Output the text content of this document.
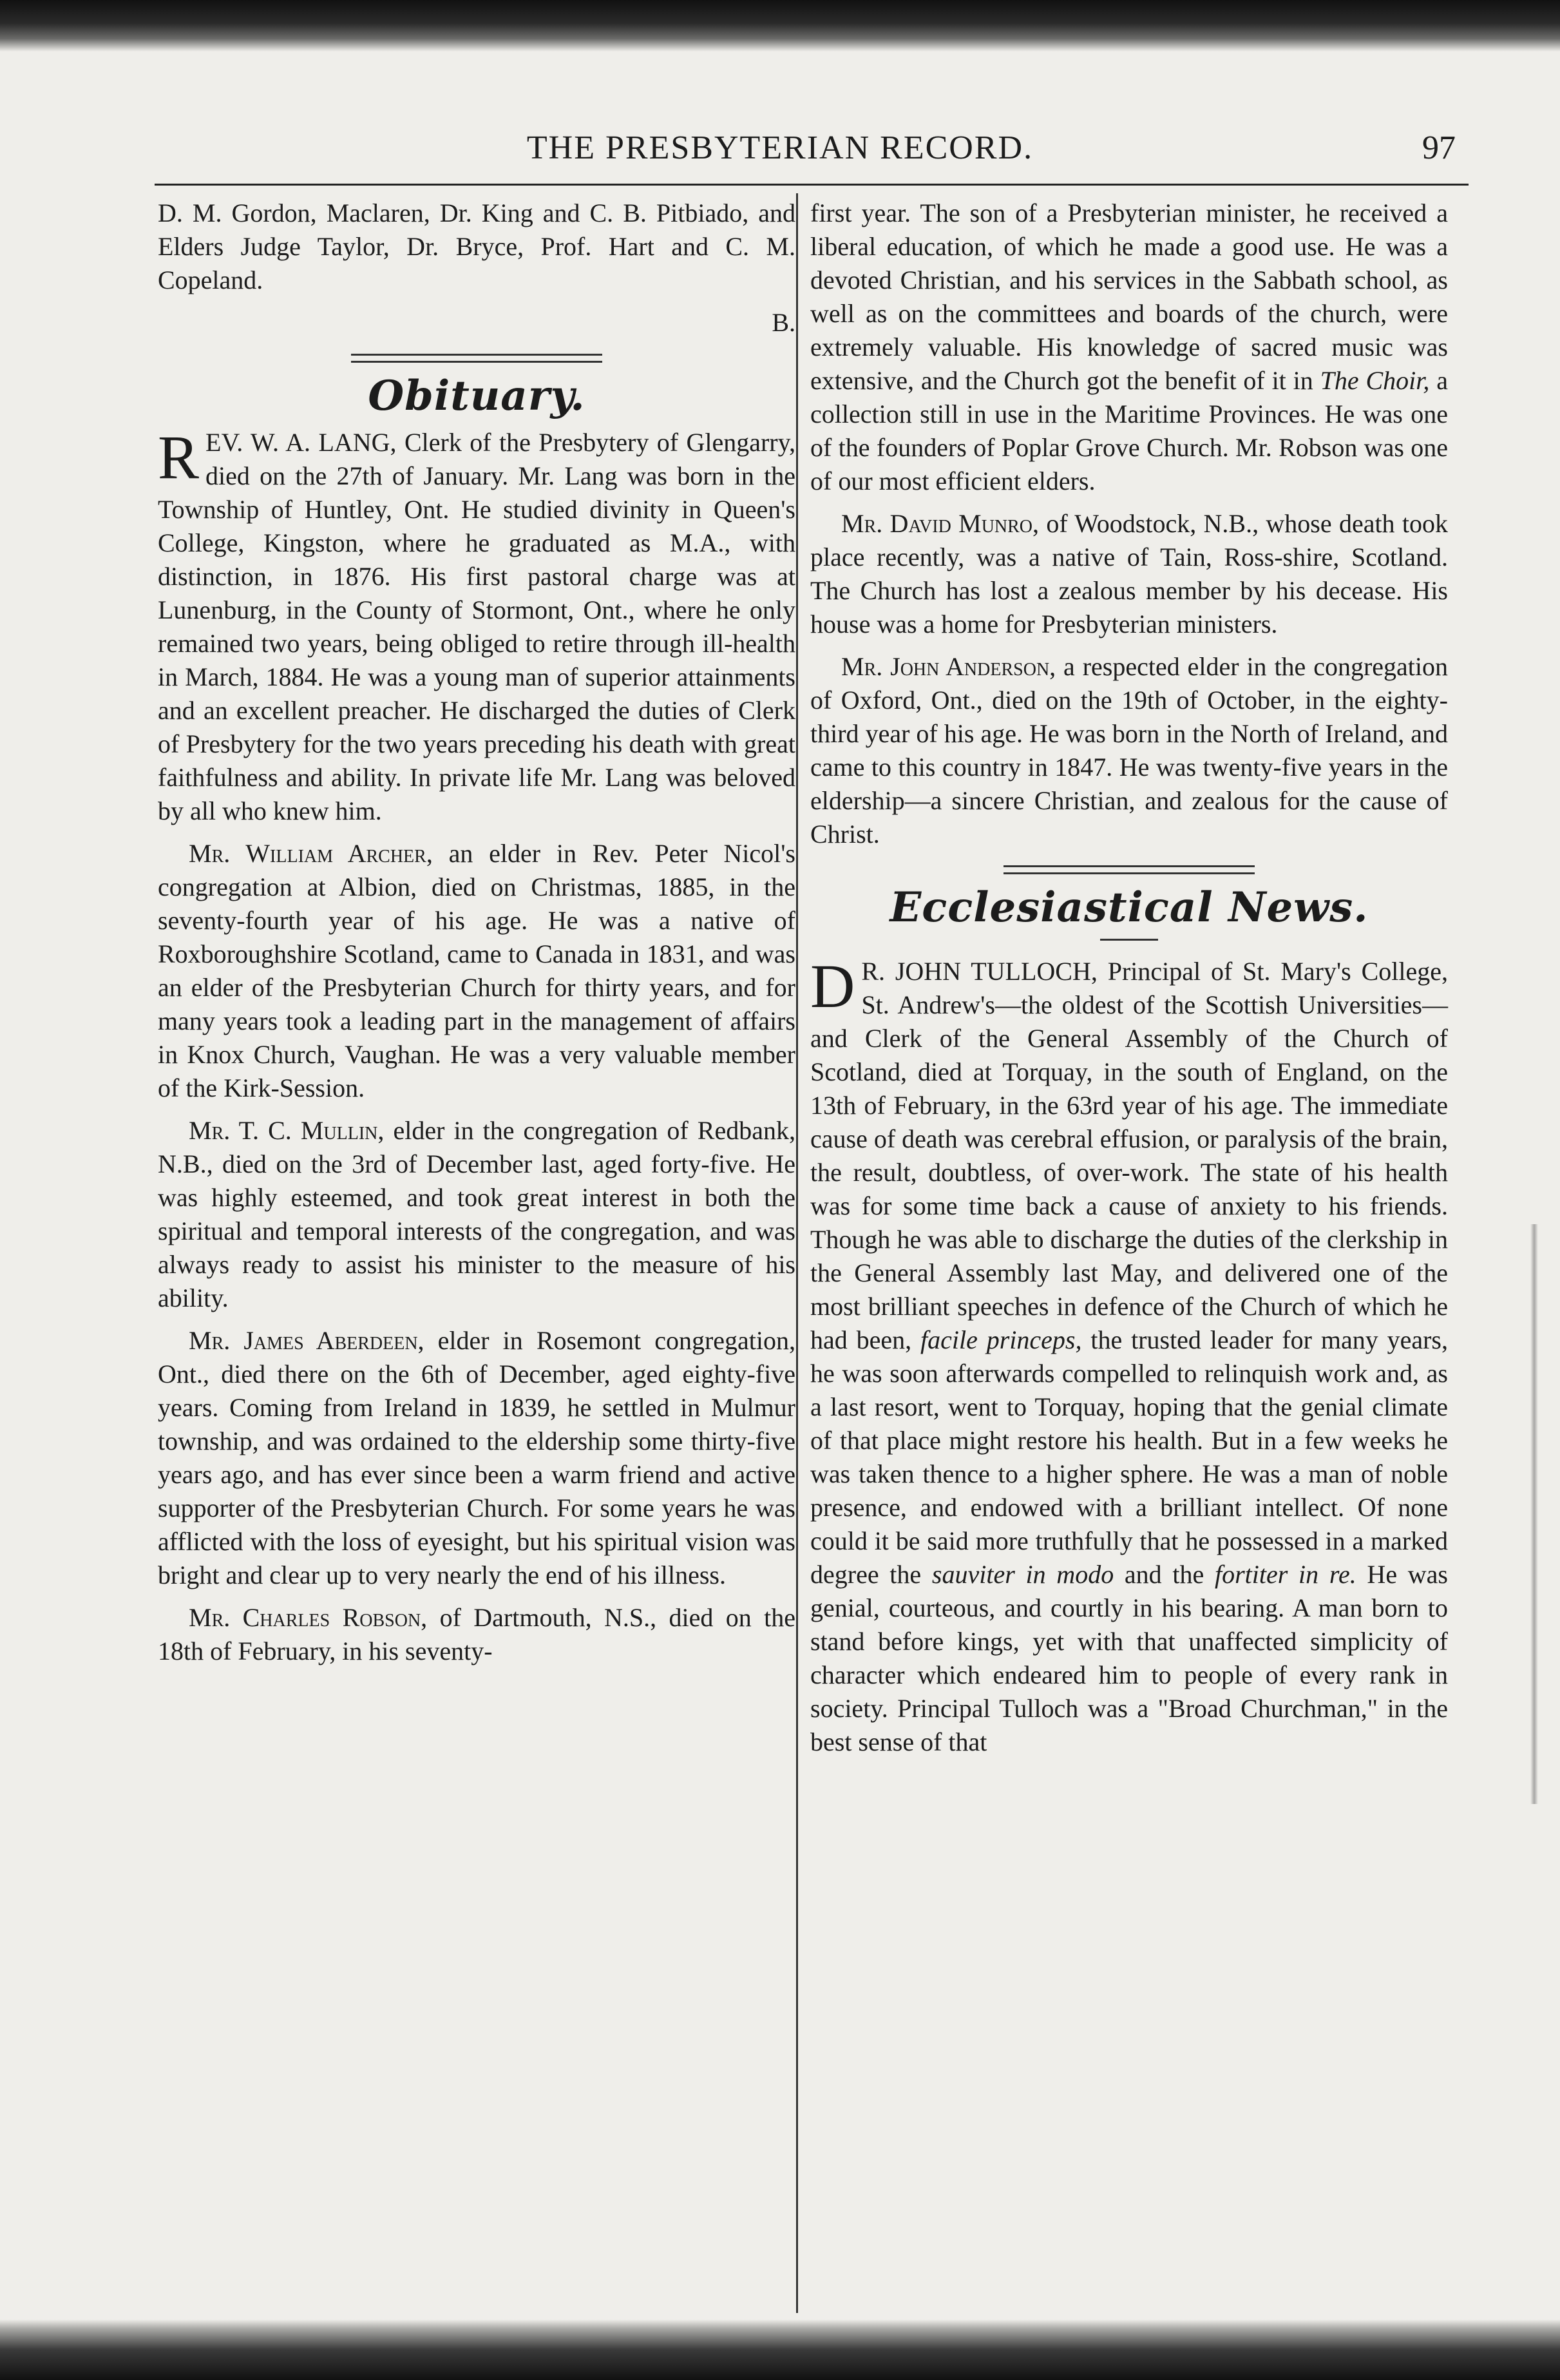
THE PRESBYTERIAN RECORD.	97

D. M. Gordon, Maclaren, Dr. King and C. B. Pitbiado, and Elders Judge Taylor, Dr. Bryce, Prof. Hart and C. M. Copeland.

B.
Obituary.

REV. W. A. LANG, Clerk of the Presbytery of Glengarry, died on the 27th of January. Mr. Lang was born in the Township of Huntley, Ont. He studied divinity in Queen's College, Kingston, where he graduated as M.A., with distinction, in 1876. His first pastoral charge was at Lunenburg, in the County of Stormont, Ont., where he only remained two years, being obliged to retire through ill-health in March, 1884. He was a young man of superior attainments and an excellent preacher. He discharged the duties of Clerk of Presbytery for the two years preceding his death with great faithfulness and ability. In private life Mr. Lang was beloved by all who knew him.

Mr. William Archer, an elder in Rev. Peter Nicol's congregation at Albion, died on Christmas, 1885, in the seventy-fourth year of his age. He was a native of Roxboroughshire Scotland, came to Canada in 1831, and was an elder of the Presbyterian Church for thirty years, and for many years took a leading part in the management of affairs in Knox Church, Vaughan. He was a very valuable member of the Kirk-Session.

Mr. T. C. Mullin, elder in the congregation of Redbank, N.B., died on the 3rd of December last, aged forty-five. He was highly esteemed, and took great interest in both the spiritual and temporal interests of the congregation, and was always ready to assist his minister to the measure of his ability.

Mr. James Aberdeen, elder in Rosemont congregation, Ont., died there on the 6th of December, aged eighty-five years. Coming from Ireland in 1839, he settled in Mulmur township, and was ordained to the eldership some thirty-five years ago, and has ever since been a warm friend and active supporter of the Presbyterian Church. For some years he was afflicted with the loss of eyesight, but his spiritual vision was bright and clear up to very nearly the end of his illness.

Mr. Charles Robson, of Dartmouth, N.S., died on the 18th of February, in his seventy-

first year. The son of a Presbyterian minister, he received a liberal education, of which he made a good use. He was a devoted Christian, and his services in the Sabbath school, as well as on the committees and boards of the church, were extremely valuable. His knowledge of sacred music was extensive, and the Church got the benefit of it in The Choir, a collection still in use in the Maritime Provinces. He was one of the founders of Poplar Grove Church. Mr. Robson was one of our most efficient elders.

Mr. David Munro, of Woodstock, N.B., whose death took place recently, was a native of Tain, Ross-shire, Scotland. The Church has lost a zealous member by his decease. His house was a home for Presbyterian ministers.

Mr. John Anderson, a respected elder in the congregation of Oxford, Ont., died on the 19th of October, in the eighty-third year of his age. He was born in the North of Ireland, and came to this country in 1847. He was twenty-five years in the eldership—a sincere Christian, and zealous for the cause of Christ.

Ecclesiastical News.

D R. JOHN TULLOCH, Principal of St. Mary's College, St. Andrew's—the oldest of the Scottish Universities—and Clerk of the General Assembly of the Church of Scotland, died at Torquay, in the south of England, on the 13th of February, in the 63rd year of his age. The immediate cause of death was cerebral effusion, or paralysis of the brain, the result, doubtless, of over-work. The state of his health was for some time back a cause of anxiety to his friends. Though he was able to discharge the duties of the clerkship in the General Assembly last May, and delivered one of the most brilliant speeches in defence of the Church of which he had been, facile princeps, the trusted leader for many years, he was soon afterwards compelled to relinquish work and, as a last resort, went to Torquay, hoping that the genial climate of that place might restore his health. But in a few weeks he was taken thence to a higher sphere. He was a man of noble presence, and endowed with a brilliant intellect. Of none could it be said more truthfully that he possessed in a marked degree the sauviter in modo and the fortiter in re. He was genial, courteous, and courtly in his bearing. A man born to stand before kings, yet with that unaffected simplicity of character which endeared him to people of every rank in society. Principal Tulloch was a "Broad Churchman," in the best sense of that
